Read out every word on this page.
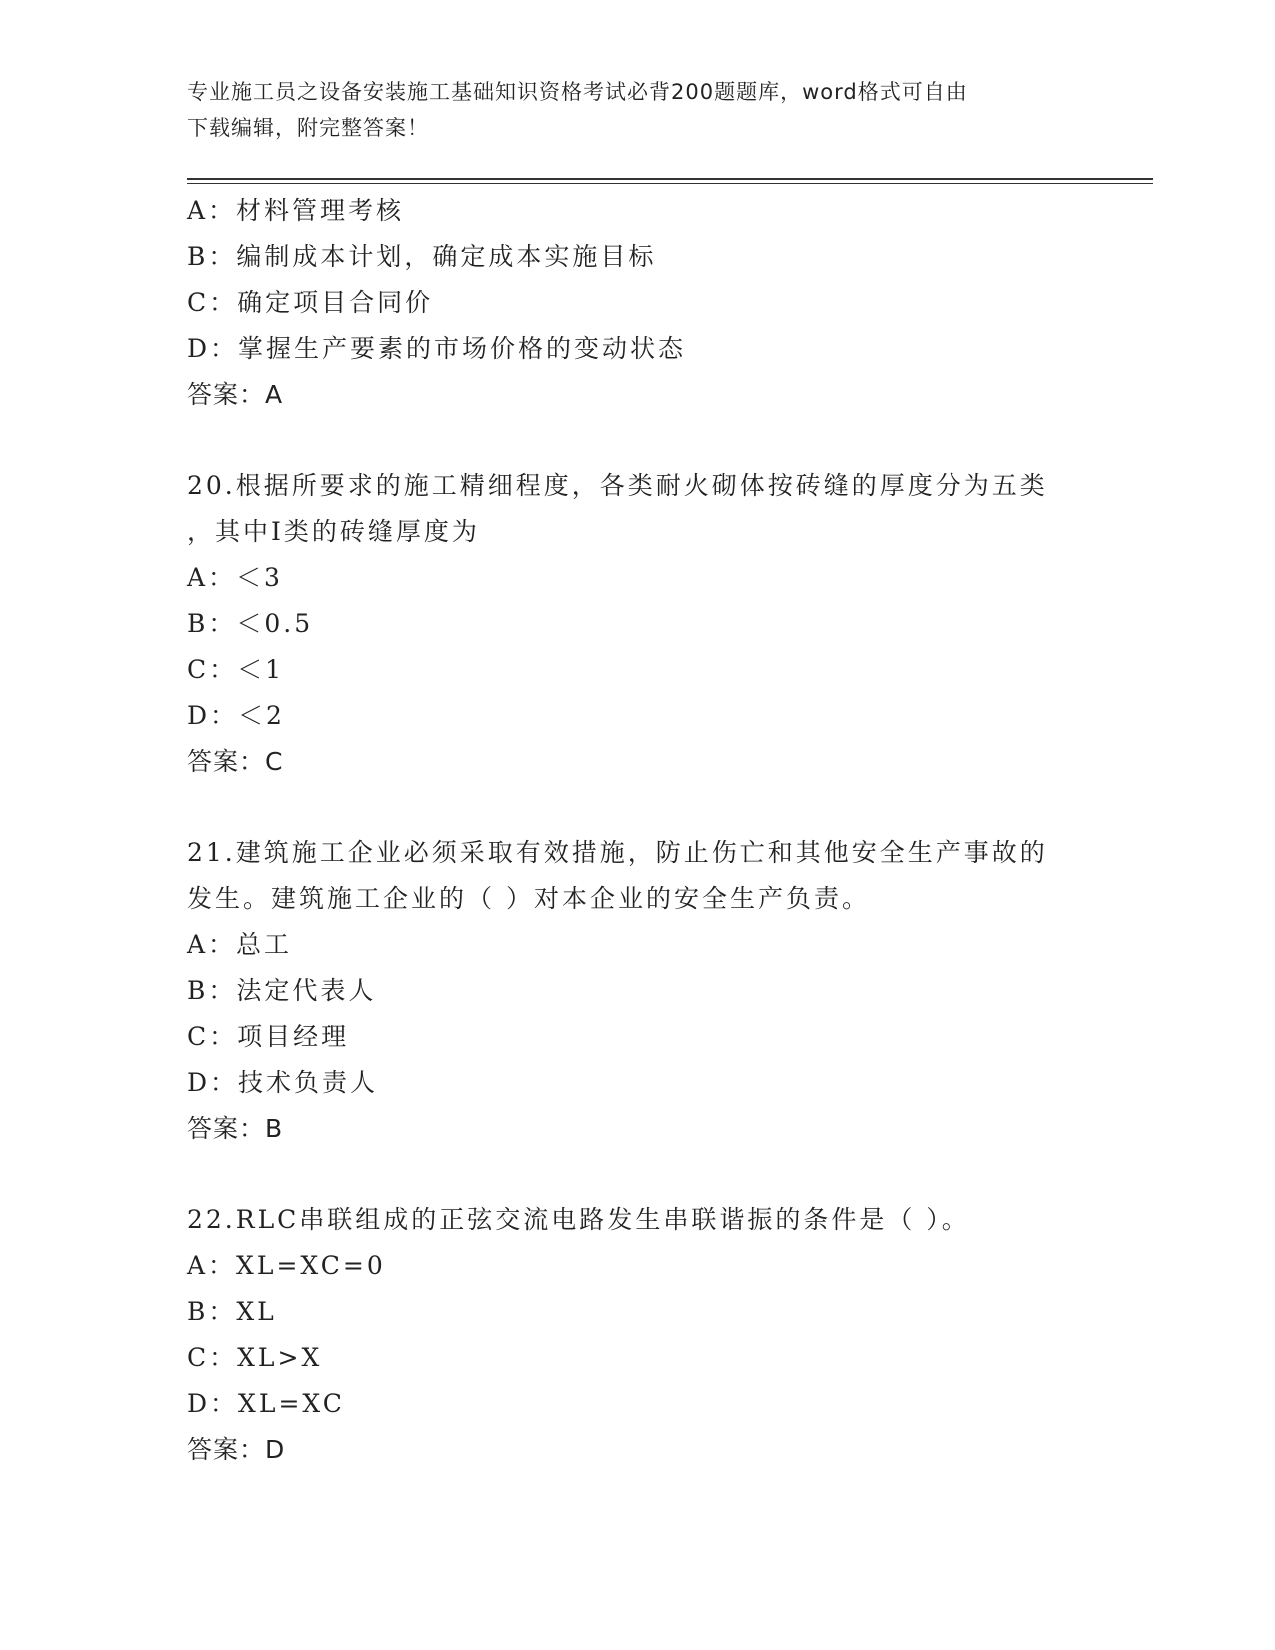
专业施工员之设备安装施工基础知识资格考试必背200题题库，word格式可自由
下载编辑，附完整答案！
A：材料管理考核
B：编制成本计划，确定成本实施目标
C：确定项目合同价
D：掌握生产要素的市场价格的变动状态
答案：A
20.根据所要求的施工精细程度，各类耐火砌体按砖缝的厚度分为五类
，其中Ⅰ类的砖缝厚度为
A：＜3
B：＜0.5
C：＜1
D：＜2
答案：C
21.建筑施工企业必须采取有效措施，防止伤亡和其他安全生产事故的
发生。建筑施工企业的（ ）对本企业的安全生产负责。
A：总工
B：法定代表人
C：项目经理
D：技术负责人
答案：B
22.RLC串联组成的正弦交流电路发生串联谐振的条件是（ ）。
A：XL=XC=0
B：XL
C：XL>X
D：XL=XC
答案：D
